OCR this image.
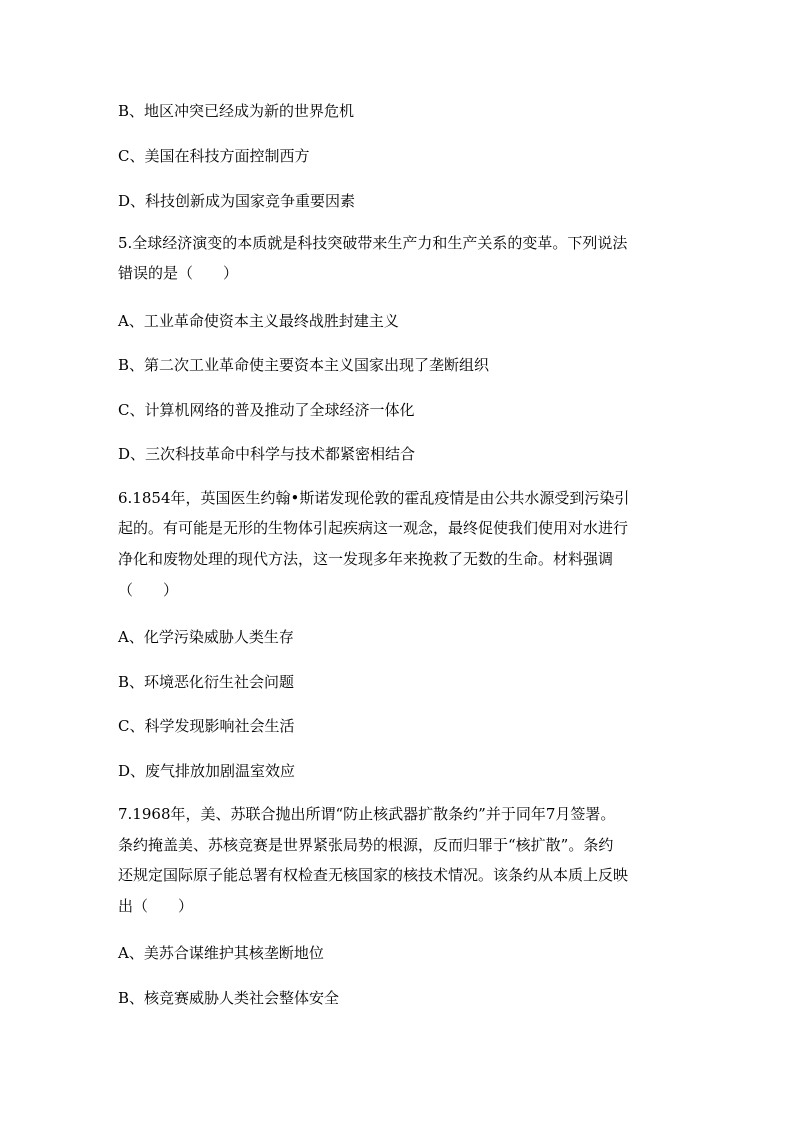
B、地区冲突已经成为新的世界危机
C、美国在科技方面控制西方
D、科技创新成为国家竞争重要因素
5.全球经济演变的本质就是科技突破带来生产力和生产关系的变革。下列说法
错误的是（　　）
A、工业革命使资本主义最终战胜封建主义
B、第二次工业革命使主要资本主义国家出现了垄断组织
C、计算机网络的普及推动了全球经济一体化
D、三次科技革命中科学与技术都紧密相结合
6.1854年，英国医生约翰•斯诺发现伦敦的霍乱疫情是由公共水源受到污染引
起的。有可能是无形的生物体引起疾病这一观念，最终促使我们使用对水进行
净化和废物处理的现代方法，这一发现多年来挽救了无数的生命。材料强调
（　　）
A、化学污染威胁人类生存
B、环境恶化衍生社会问题
C、科学发现影响社会生活
D、废气排放加剧温室效应
7.1968年，美、苏联合抛出所谓“防止核武器扩散条约”并于同年7月签署。
条约掩盖美、苏核竞赛是世界紧张局势的根源，反而归罪于“核扩散”。条约
还规定国际原子能总署有权检查无核国家的核技术情况。该条约从本质上反映
出（　　）
A、美苏合谋维护其核垄断地位
B、核竞赛威胁人类社会整体安全
